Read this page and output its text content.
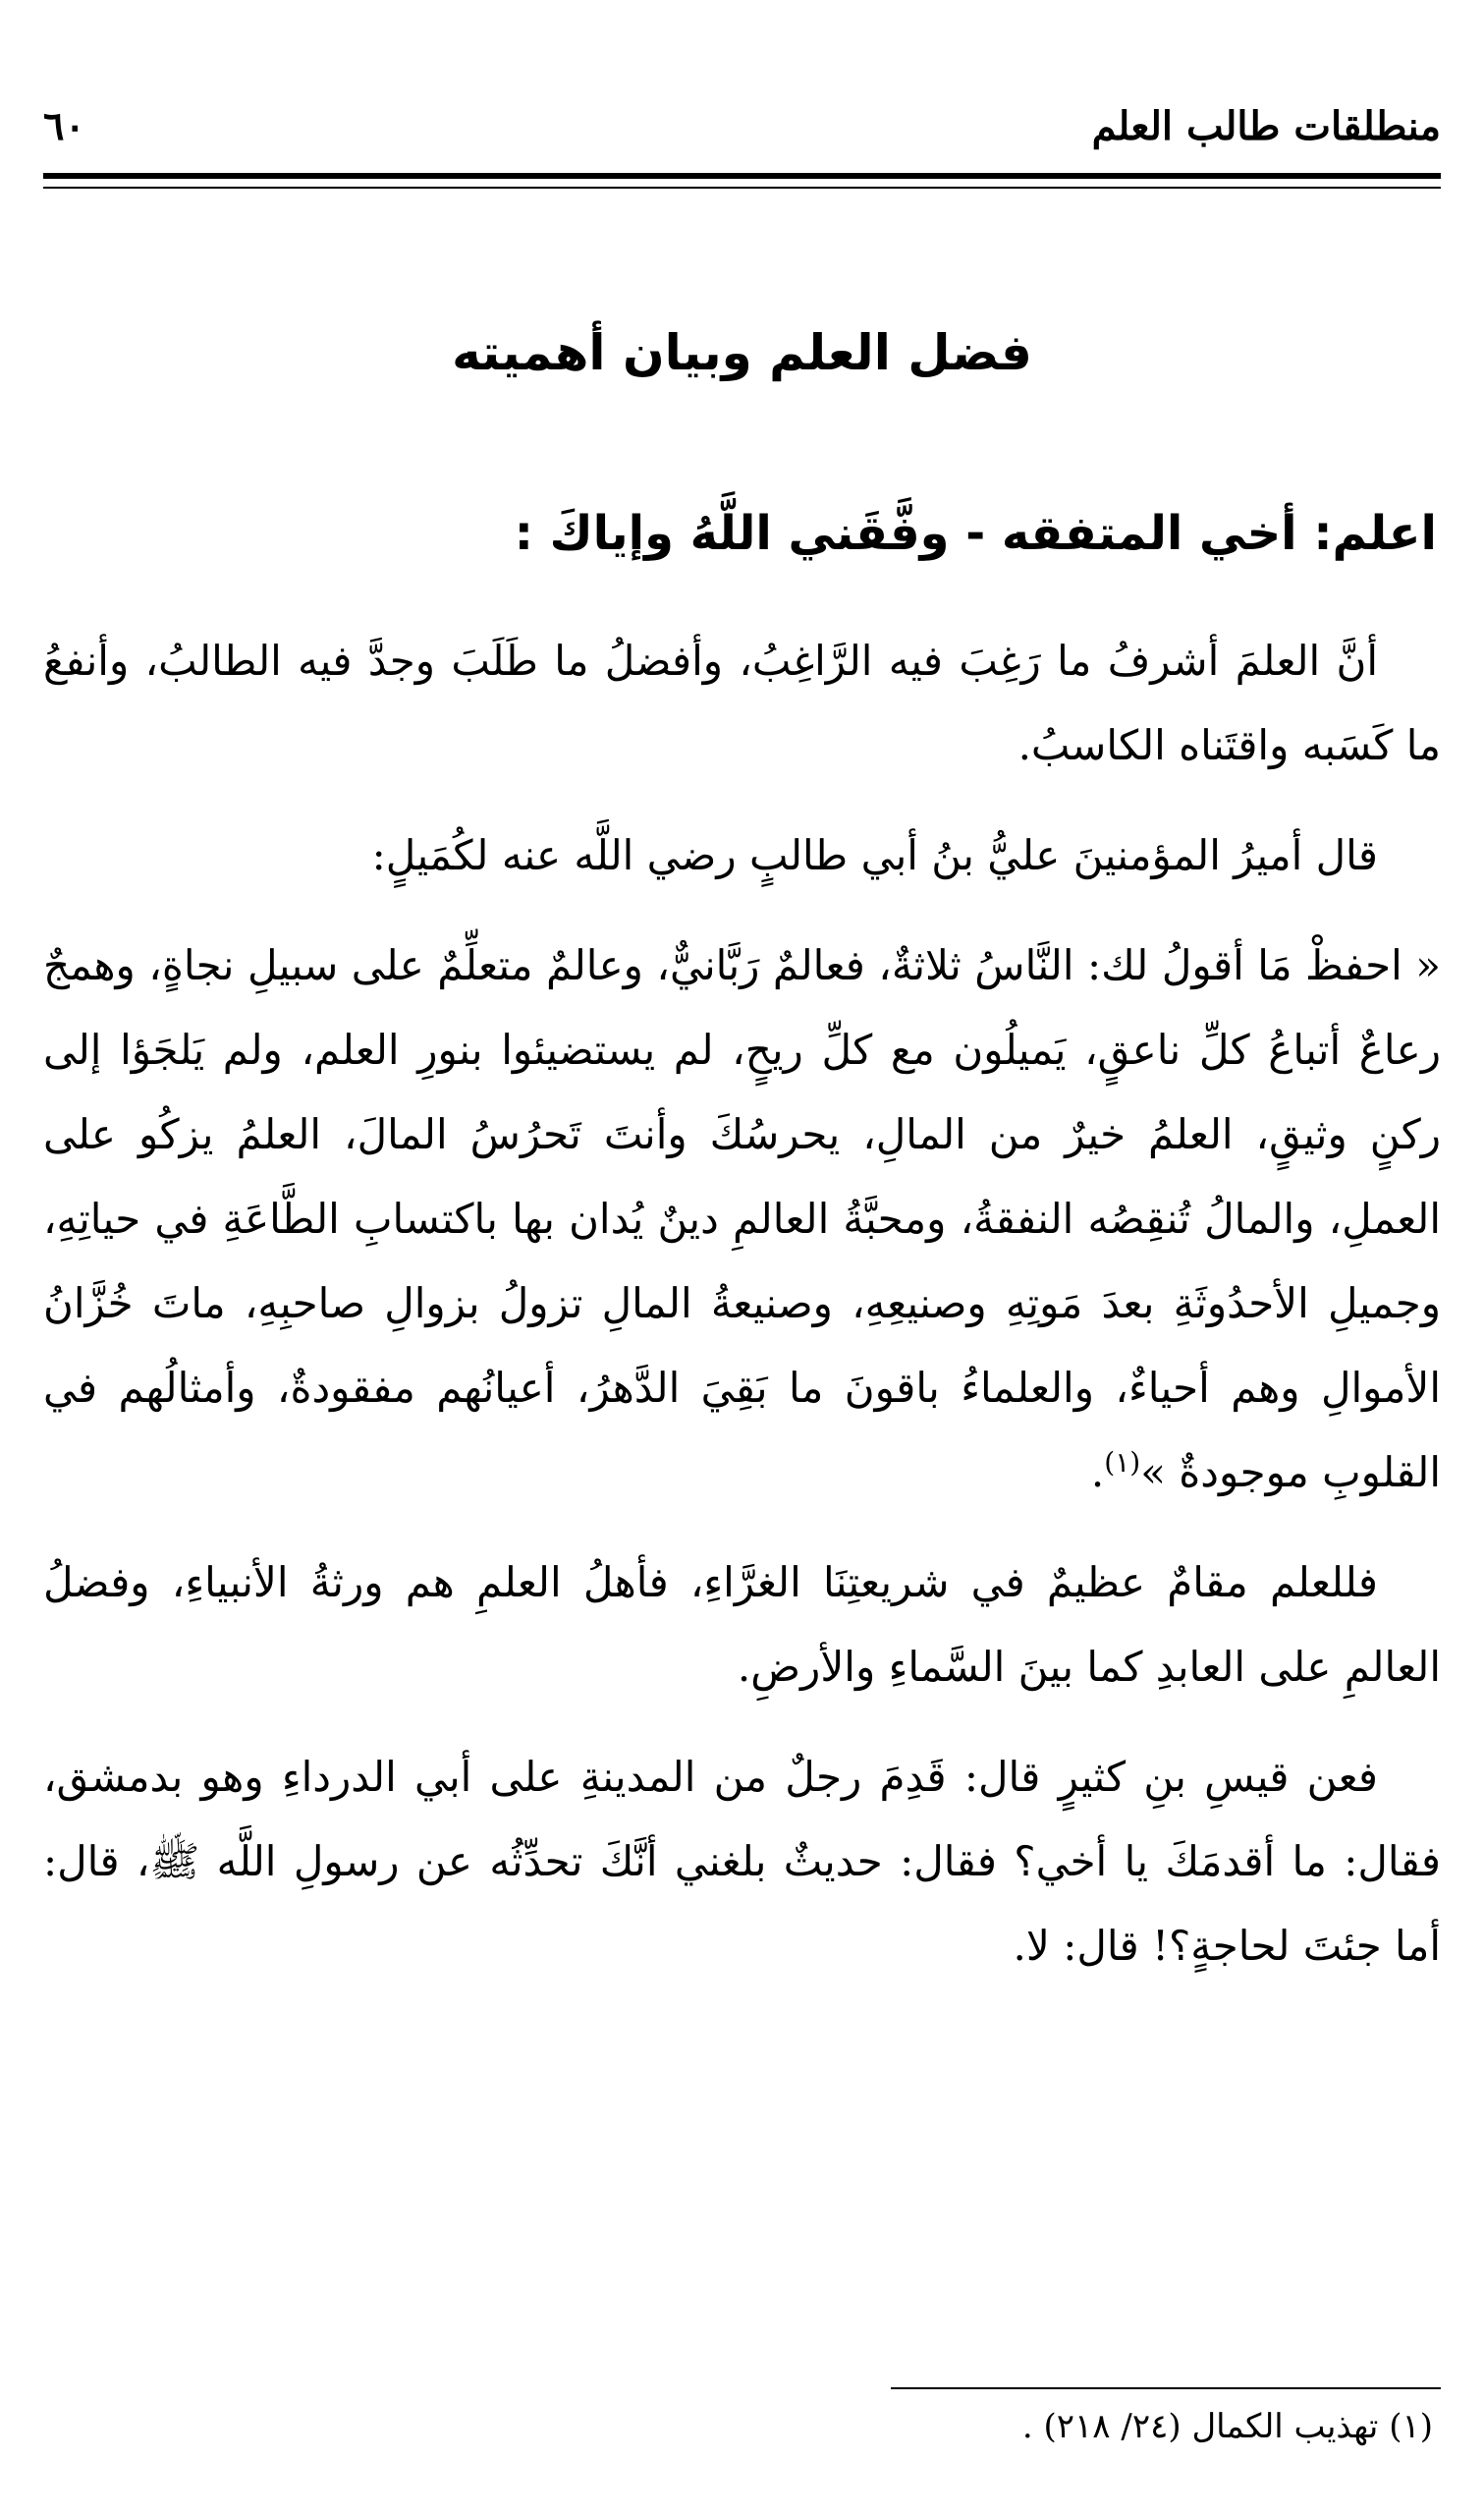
منطلقات طالب العلم
٦٠
فضل العلم وبيان أهميته
اعلم: أخي المتفقه - وفَّقَني اللَّهُ وإياكَ :

أنَّ العلمَ أشرفُ ما رَغِبَ فيه الرَّاغِبُ، وأفضلُ ما طَلَبَ وجدَّ فيه الطالبُ، وأنفعُ ما كَسَبه واقتَناه الكاسبُ.

قال أميرُ المؤمنينَ عليُّ بنُ أبي طالبٍ رضي اللَّه عنه لكُمَيلٍ:

« احفظْ مَا أقولُ لك: النَّاسُ ثلاثةٌ، فعالمٌ رَبَّانيٌّ، وعالمٌ متعلِّمٌ على سبيلِ نجاةٍ، وهمجٌ رعاعٌ أتباعُ كلِّ ناعقٍ، يَميلُون مع كلِّ ريحٍ، لم يستضيئوا بنورِ العلم، ولم يَلجَؤا إلى ركنٍ وثيقٍ، العلمُ خيرٌ من المالِ، يحرسُكَ وأنتَ تَحرُسُ المالَ، العلمُ يزكُو على العملِ، والمالُ تُنقِصُه النفقةُ، ومحبَّةُ العالمِ دينٌ يُدان بها باكتسابِ الطَّاعَةِ في حياتِهِ، وجميلِ الأحدُوثَةِ بعدَ مَوتِهِ وصنيعِهِ، وصنيعةُ المالِ تزولُ بزوالِ صاحبِهِ، ماتَ خُزَّانُ الأموالِ وهم أحياءٌ، والعلماءُ باقونَ ما بَقِيَ الدَّهرُ، أعيانُهم مفقودةٌ، وأمثالُهم في القلوبِ موجودةٌ »$^{(١)}$.

فللعلم مقامٌ عظيمٌ في شريعتِنَا الغرَّاءِ، فأهلُ العلمِ هم ورثةُ الأنبياءِ، وفضلُ العالمِ على العابدِ كما بينَ السَّماءِ والأرضِ.

فعن قيسِ بنِ كثيرٍ قال: قَدِمَ رجلٌ من المدينةِ على أبي الدرداءِ وهو بدمشق، فقال: ما أقدمَكَ يا أخي؟ فقال: حديثٌ بلغني أنَّكَ تحدِّثُه عن رسولِ اللَّه ﷺ، قال: أما جئتَ لحاجةٍ؟! قال: لا.

(١) تهذيب الكمال (٢٤/ ٢١٨) .
